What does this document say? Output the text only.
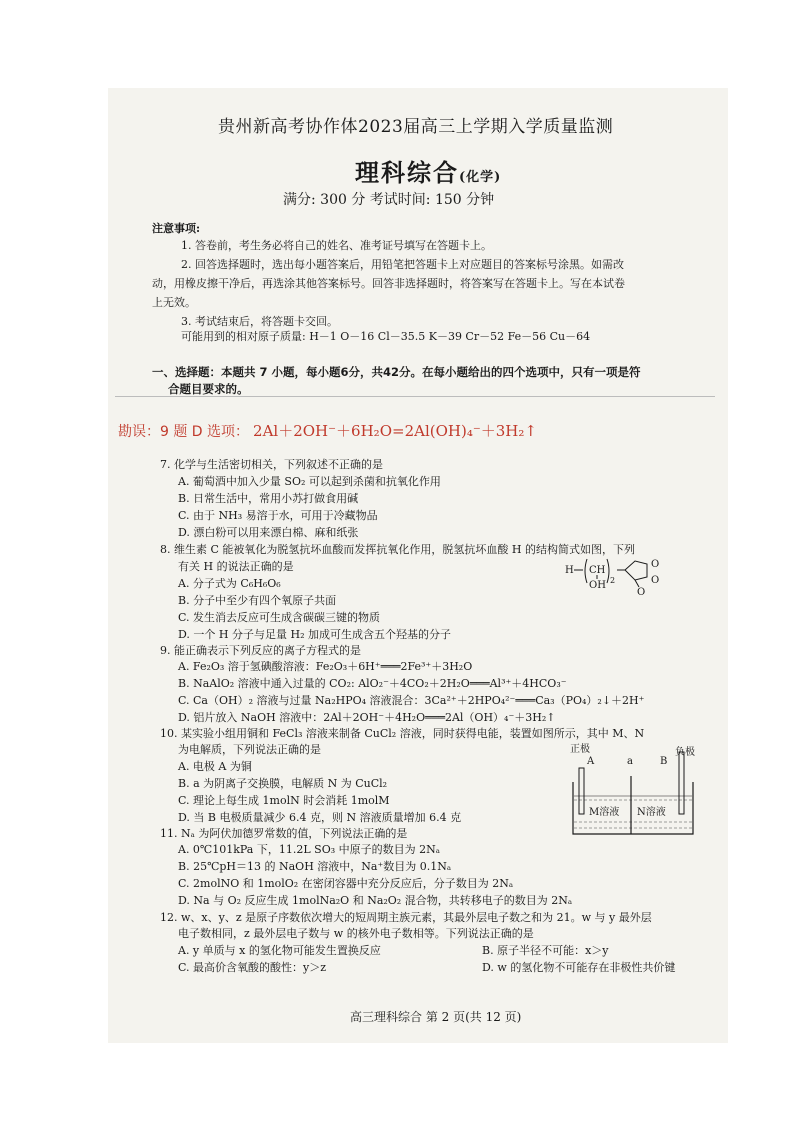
贵州新高考协作体2023届高三上学期入学质量监测
理科综合(化学)
满分: 300 分 考试时间: 150 分钟
注意事项:
1. 答卷前，考生务必将自己的姓名、准考证号填写在答题卡上。
2. 回答选择题时，选出每小题答案后，用铅笔把答题卡上对应题目的答案标号涂黑。如需改
动，用橡皮擦干净后，再选涂其他答案标号。回答非选择题时，将答案写在答题卡上。写在本试卷
上无效。
3. 考试结束后，将答题卡交回。
可能用到的相对原子质量: H－1 O－16 Cl－35.5 K－39 Cr－52 Fe－56 Cu－64
一、选择题：本题共 7 小题，每小题6分，共42分。在每小题给出的四个选项中，只有一项是符
合题目要求的。
勘误：9 题 D 选项： 2Al＋2OH⁻＋6H₂O=2Al(OH)₄⁻＋3H₂↑
7. 化学与生活密切相关，下列叙述不正确的是
A. 葡萄酒中加入少量 SO₂ 可以起到杀菌和抗氧化作用
B. 日常生活中，常用小苏打做食用碱
C. 由于 NH₃ 易溶于水，可用于冷藏物品
D. 漂白粉可以用来漂白棉、麻和纸张
8. 维生素 C 能被氧化为脱氢抗坏血酸而发挥抗氧化作用，脱氢抗坏血酸 H 的结构简式如图，下列
有关 H 的说法正确的是
A. 分子式为 C₆H₆O₆
B. 分子中至少有四个氧原子共面
C. 发生消去反应可生成含碳碳三键的物质
D. 一个 H 分子与足量 H₂ 加成可生成含五个羟基的分子
H CH
OH 2
O
O
O
9. 能正确表示下列反应的离子方程式的是
A. Fe₂O₃ 溶于氢碘酸溶液：Fe₂O₃＋6H⁺═══2Fe³⁺＋3H₂O
B. NaAlO₂ 溶液中通入过量的 CO₂: AlO₂⁻＋4CO₂＋2H₂O═══Al³⁺＋4HCO₃⁻
C. Ca（OH）₂ 溶液与过量 Na₂HPO₄ 溶液混合：3Ca²⁺＋2HPO₄²⁻═══Ca₃（PO₄）₂↓＋2H⁺
D. 铝片放入 NaOH 溶液中：2Al＋2OH⁻＋4H₂O═══2Al（OH）₄⁻＋3H₂↑
10. 某实验小组用铜和 FeCl₃ 溶液来制备 CuCl₂ 溶液，同时获得电能，装置如图所示，其中 M、N
为电解质，下列说法正确的是
A. 电极 A 为铜
B. a 为阴离子交换膜，电解质 N 为 CuCl₂
C. 理论上每生成 1molN 时会消耗 1molM
D. 当 B 电极质量减少 6.4 克，则 N 溶液质量增加 6.4 克
正极	负极
A	a	B
M溶液 N溶液
11. Nₐ 为阿伏加德罗常数的值，下列说法正确的是
A. 0℃101kPa 下，11.2L SO₃ 中原子的数目为 2Nₐ
B. 25℃pH＝13 的 NaOH 溶液中，Na⁺数目为 0.1Nₐ
C. 2molNO 和 1molO₂ 在密闭容器中充分反应后，分子数目为 2Nₐ
D. Na 与 O₂ 反应生成 1molNa₂O 和 Na₂O₂ 混合物，共转移电子的数目为 2Nₐ
12. w、x、y、z 是原子序数依次增大的短周期主族元素，其最外层电子数之和为 21。w 与 y 最外层
电子数相同，z 最外层电子数与 w 的核外电子数相等。下列说法正确的是
A. y 单质与 x 的氢化物可能发生置换反应	B. 原子半径不可能：x＞y
C. 最高价含氧酸的酸性：y＞z	D. w 的氢化物不可能存在非极性共价键
高三理科综合 第 2 页(共 12 页)
